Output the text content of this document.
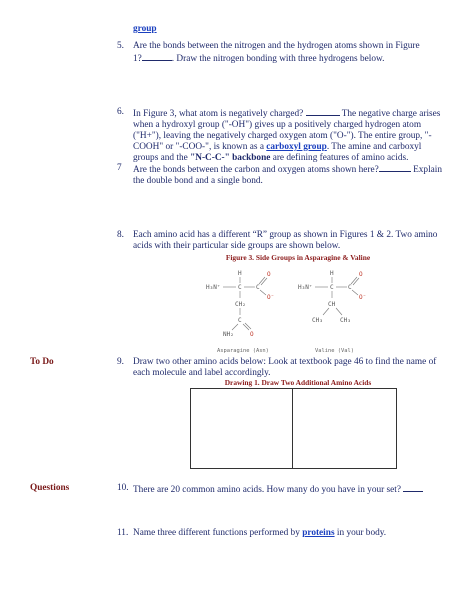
group
5. Are the bonds between the nitrogen and the hydrogen atoms shown in Figure
1?	. Draw the nitrogen bonding with three hydrogens below.
6. In Figure 3, what atom is negatively charged?	The negative charge arises
when a hydroxyl group ("-OH") gives up a positively charged hydrogen atom
("H+"), leaving the negatively charged oxygen atom ("O-"). The entire group, "-
COOH" or "-COO-", is known as a carboxyl group. The amine and carboxyl
groups and the "N-C-C-" backbone are defining features of amino acids.
7 Are the bonds between the carbon and oxygen atoms shown here?	Explain
the double bond and a single bond.
8. Each amino acid has a different “R” group as shown in Figures 1 & 2. Two amino
acids with their particular side groups are shown below.
Figure 3. Side Groups in Asparagine & Valine
H
H₃N⁺	C C
O
O⁻
CH₂
C
NH₂	O
Asparagine (Asn)
H
H₃N⁺	C C
O
O⁻
CH
CH₃	CH₃
Valine (Val)
To Do	9. Draw two other amino acids below: Look at textbook page 46 to find the name of
each molecule and label accordingly.
Drawing 1. Draw Two Additional Amino Acids
Questions	10. There are 20 common amino acids. How many do you have in your set?
11. Name three different functions performed by proteins in your body.
